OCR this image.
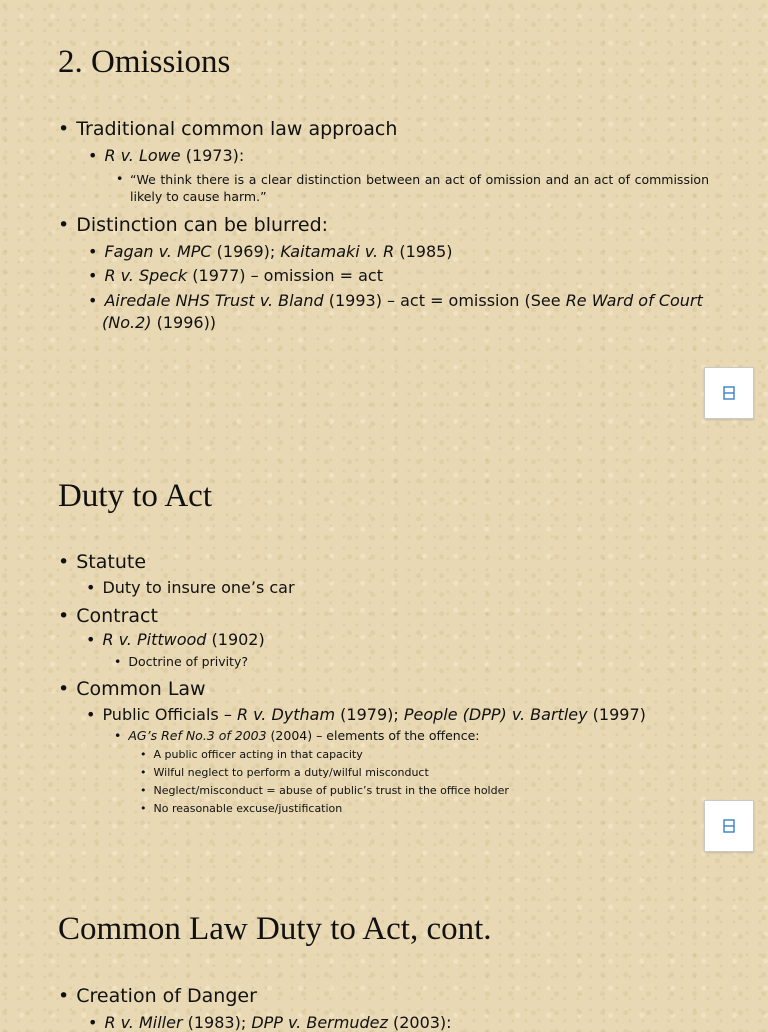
2. Omissions
• Traditional common law approach
• R v. Lowe (1973):
• “We think there is a clear distinction between an act of omission and an act of commission likely to cause harm.”
• Distinction can be blurred:
• Fagan v. MPC (1969); Kaitamaki v. R (1985)
• R v. Speck (1977) – omission = act
• Airedale NHS Trust v. Bland (1993) – act = omission (See Re Ward of Court
(No.2) (1996))
Duty to Act
• Statute
• Duty to insure one’s car
• Contract
• R v. Pittwood (1902)
• Doctrine of privity?
• Common Law
• Public Officials – R v. Dytham (1979); People (DPP) v. Bartley (1997)
• AG’s Ref No.3 of 2003 (2004) – elements of the offence:
• A public officer acting in that capacity
• Wilful neglect to perform a duty/wilful misconduct
• Neglect/misconduct = abuse of public’s trust in the office holder
• No reasonable excuse/justification
Common Law Duty to Act, cont.
• Creation of Danger
• R v. Miller (1983); DPP v. Bermudez (2003):
